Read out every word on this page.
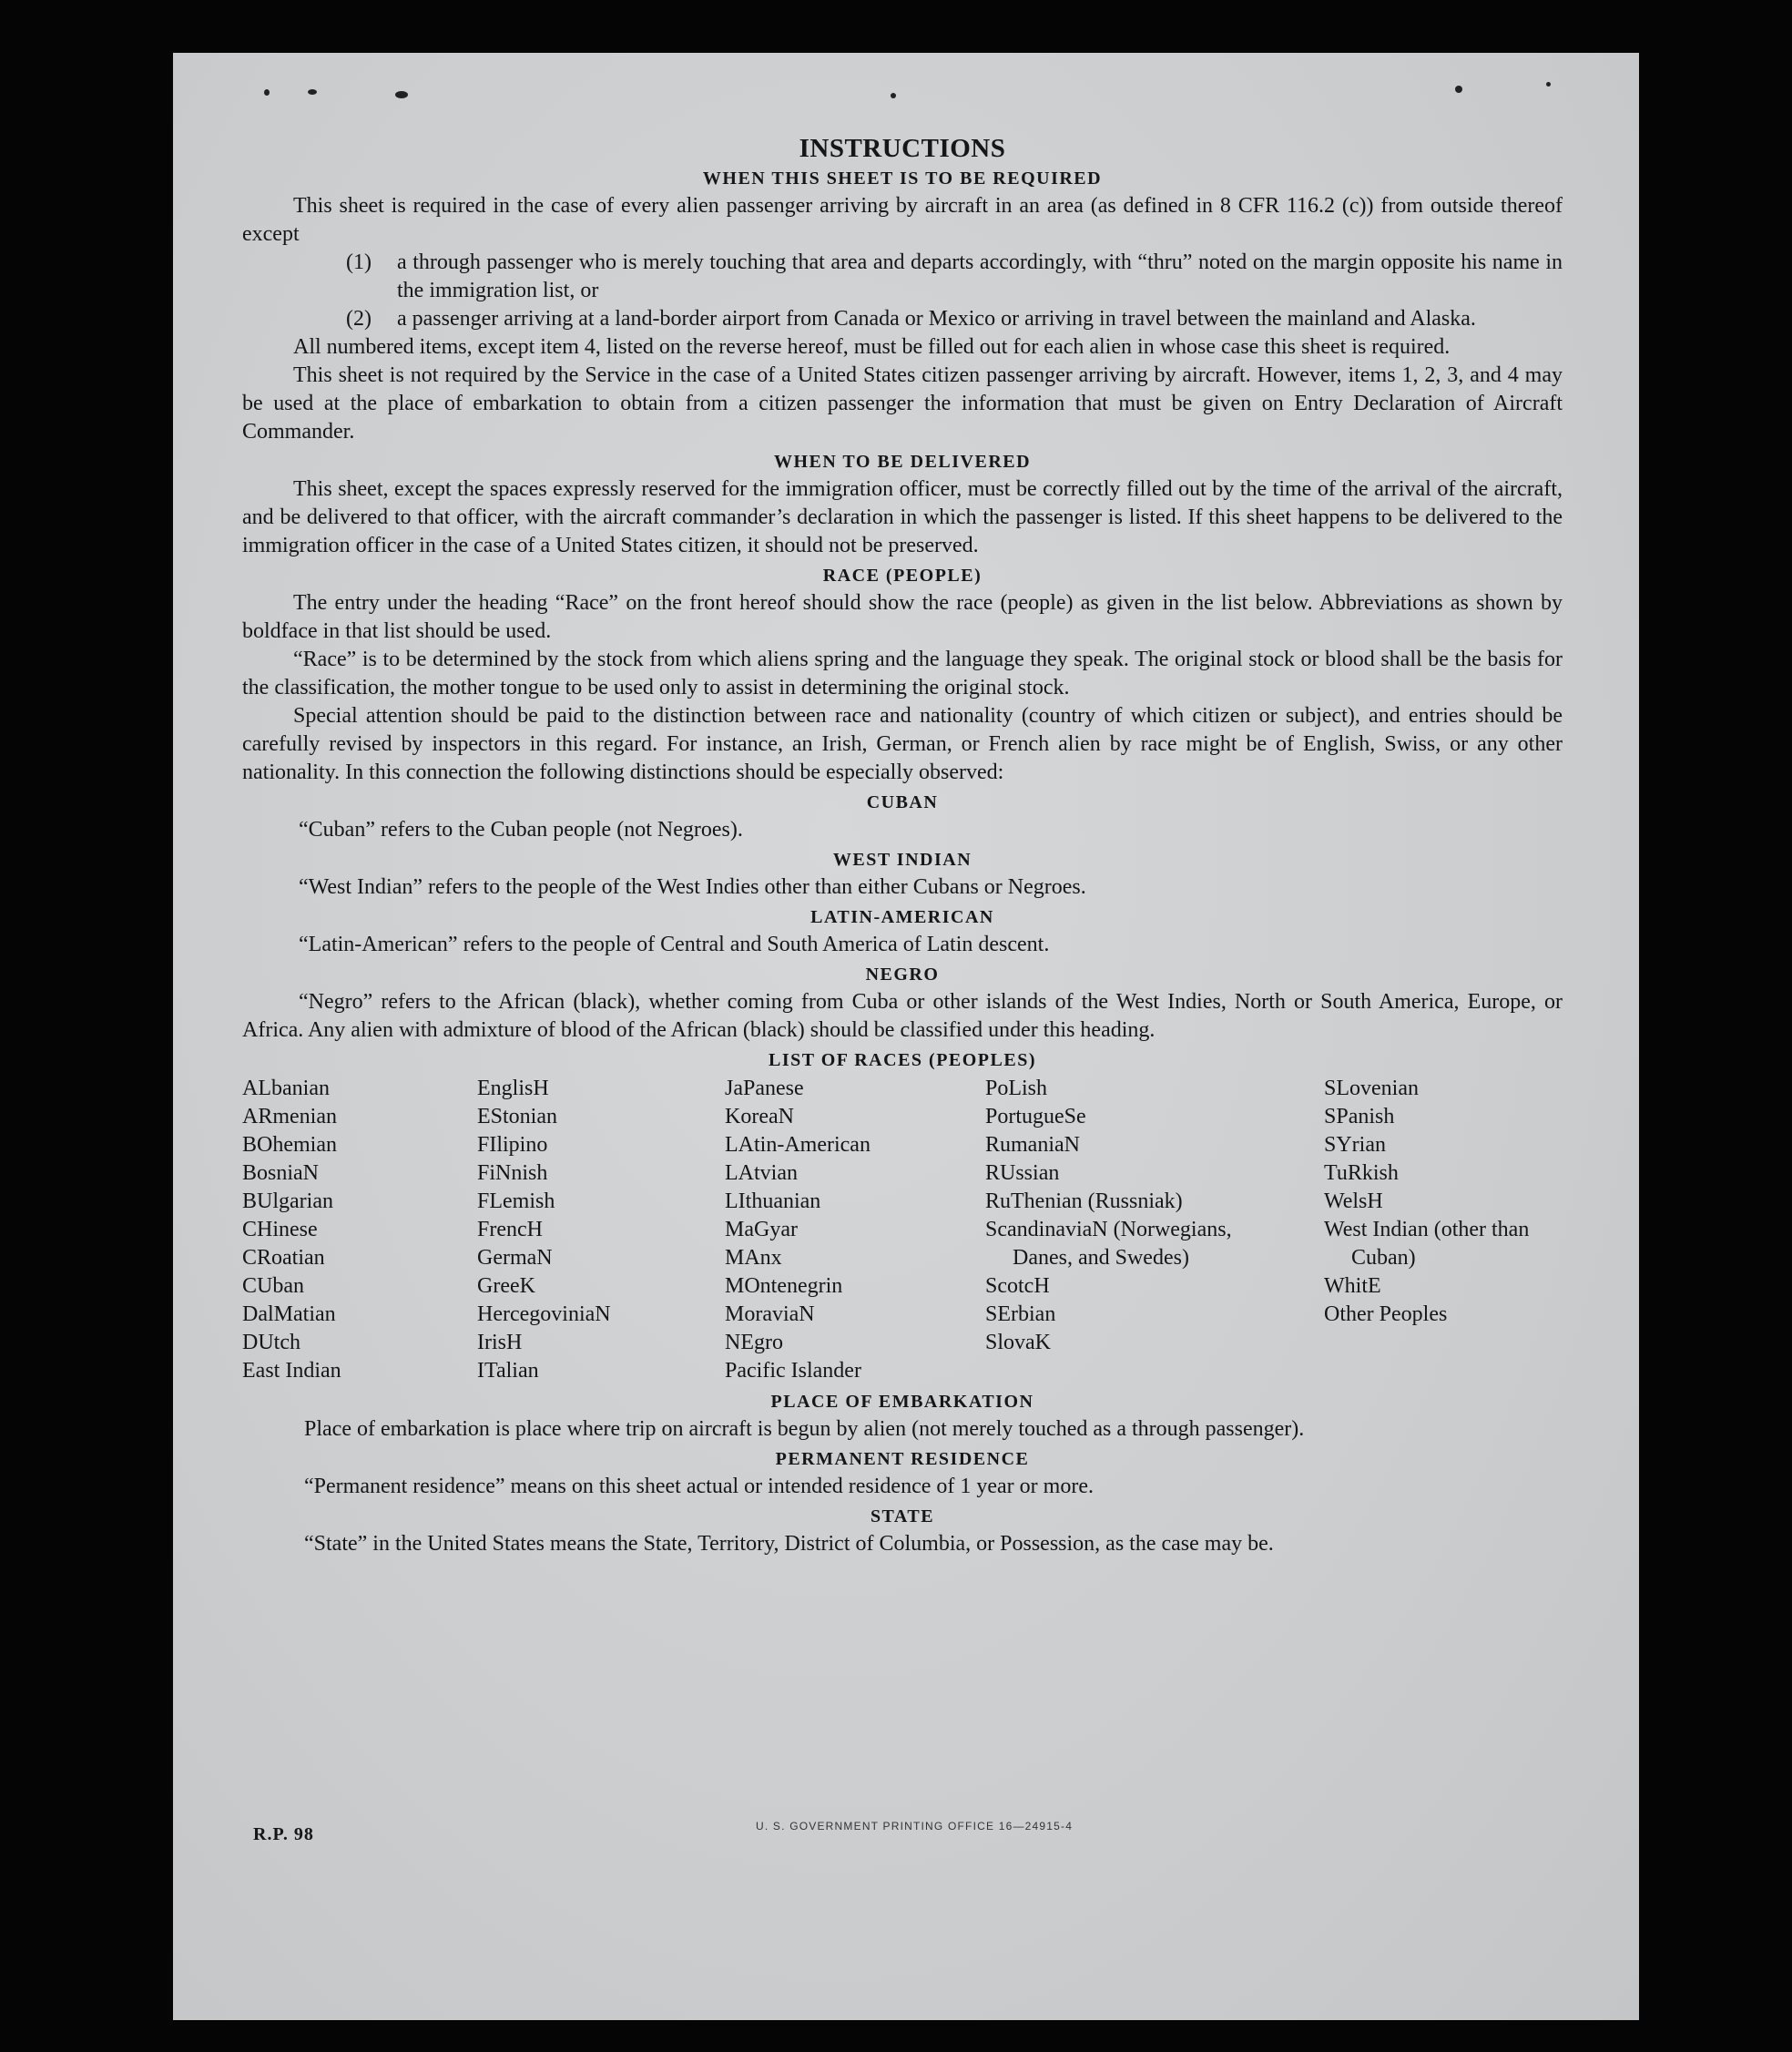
INSTRUCTIONS
WHEN THIS SHEET IS TO BE REQUIRED

This sheet is required in the case of every alien passenger arriving by aircraft in an area (as defined in 8 CFR 116.2 (c)) from outside thereof except

(1) a through passenger who is merely touching that area and departs accordingly, with “thru” noted on the margin opposite his name in the immigration list, or

(2) a passenger arriving at a land-border airport from Canada or Mexico or arriving in travel between the mainland and Alaska.

All numbered items, except item 4, listed on the reverse hereof, must be filled out for each alien in whose case this sheet is required.

This sheet is not required by the Service in the case of a United States citizen passenger arriving by aircraft. However, items 1, 2, 3, and 4 may be used at the place of embarkation to obtain from a citizen passenger the information that must be given on Entry Declaration of Aircraft Commander.

WHEN TO BE DELIVERED

This sheet, except the spaces expressly reserved for the immigration officer, must be correctly filled out by the time of the arrival of the aircraft, and be delivered to that officer, with the aircraft commander’s declaration in which the passenger is listed. If this sheet happens to be delivered to the immigration officer in the case of a United States citizen, it should not be preserved.

RACE (PEOPLE)

The entry under the heading “Race” on the front hereof should show the race (people) as given in the list below. Abbreviations as shown by boldface in that list should be used.

“Race” is to be determined by the stock from which aliens spring and the language they speak. The original stock or blood shall be the basis for the classification, the mother tongue to be used only to assist in determining the original stock.

Special attention should be paid to the distinction between race and nationality (country of which citizen or subject), and entries should be carefully revised by inspectors in this regard. For instance, an Irish, German, or French alien by race might be of English, Swiss, or any other nationality. In this connection the following distinctions should be especially observed:

CUBAN

“Cuban” refers to the Cuban people (not Negroes).

WEST INDIAN

“West Indian” refers to the people of the West Indies other than either Cubans or Negroes.

LATIN-AMERICAN

“Latin-American” refers to the people of Central and South America of Latin descent.

NEGRO

“Negro” refers to the African (black), whether coming from Cuba or other islands of the West Indies, North or South America, Europe, or Africa. Any alien with admixture of blood of the African (black) should be classified under this heading.

LIST OF RACES (PEOPLES)
ALbanian
ARmenian
BOhemian
BosniaN
BUlgarian
CHinese
CRoatian
CUban
DalMatian
DUtch
East Indian
EnglisH
EStonian
FIlipino
FiNnish
FLemish
FrencH
GermaN
GreeK
HercegoviniaN
IrisH
ITalian
JaPanese
KoreaN
LAtin-American
LAtvian
LIthuanian
MaGyar
MAnx
MOntenegrin
MoraviaN
NEgro
Pacific Islander
PoLish
PortugueSe
RumaniaN
RUssian
RuThenian (Russniak)
ScandinaviaN (Norwegians, Danes, and Swedes)
ScotcH
SErbian
SlovaK
SLovenian
SPanish
SYrian
TuRkish
WelsH
West Indian (other than Cuban)
WhitE
Other Peoples
PLACE OF EMBARKATION

Place of embarkation is place where trip on aircraft is begun by alien (not merely touched as a through passenger).

PERMANENT RESIDENCE

“Permanent residence” means on this sheet actual or intended residence of 1 year or more.

STATE

“State” in the United States means the State, Territory, District of Columbia, or Possession, as the case may be.

R.P. 98	U. S. GOVERNMENT PRINTING OFFICE 16—24915-4
